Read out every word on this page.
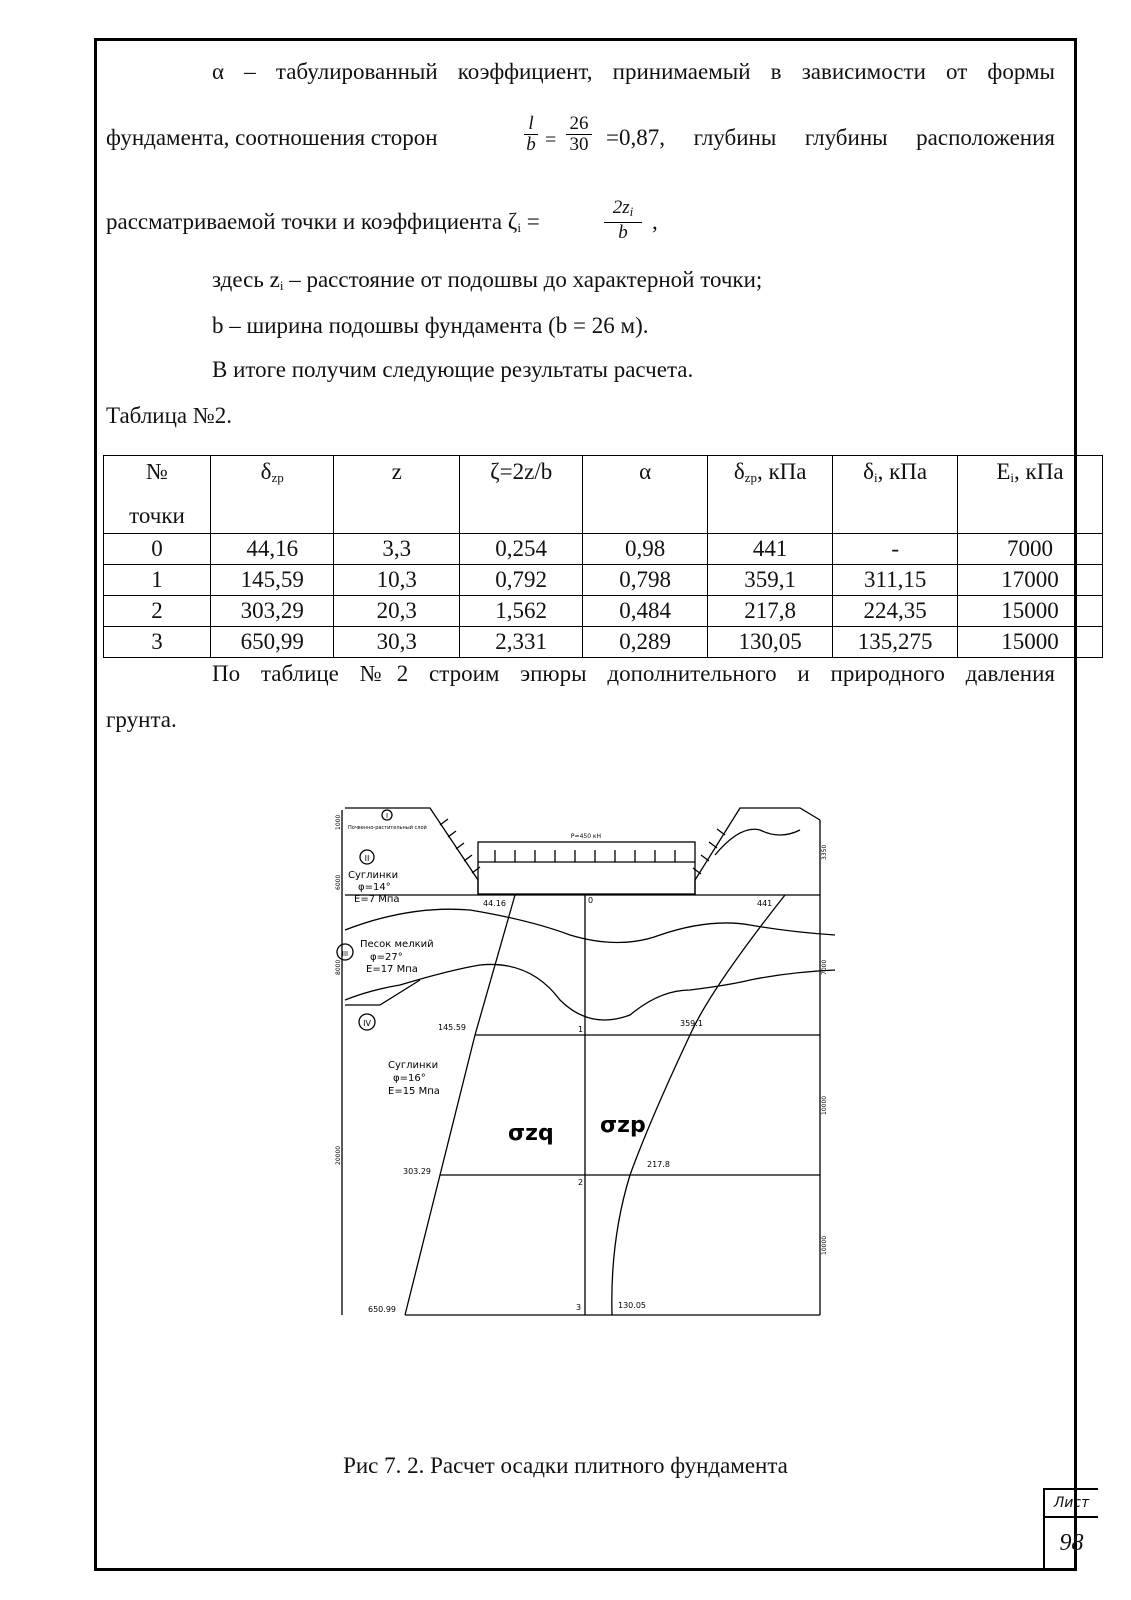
α – табулированный коэффициент, принимаемый в зависимости от формы
фундамента, соотношения сторон	$\frac{l}{b} = \frac{26}{30} =0,87$, глубины глубины расположения
рассматриваемой точки и коэффициента $\zeta_i$ =	$\frac{2z_i}{b}$ ,
здесь $z_i$ – расстояние от подошвы до характерной точки;
b – ширина подошвы фундамента (b = 26 м).
В итоге получим следующие результаты расчета.
Таблица №2.
№
точки	$\delta_{zp}$	z	ζ=2z/b	α	$\delta_{zp}$, кПа	$\delta_i$, кПа	$E_i$, кПа
0	44,16	3,3	0,254	0,98	441	-	7000
1	145,59	10,3	0,792	0,798	359,1	311,15	17000
2	303,29	20,3	1,562	0,484	217,8	224,35	15000
3	650,99	30,3	2,331	0,289	130,05	135,275	15000
По таблице №2 строим эпюры дополнительного и природного давления
грунта.
I
Почвенно-растительный слой
P=450 кН
II
Суглинки
φ=14°
E=7 Мпа
III
Песок мелкий
φ=27°
E=17 Мпа
IV
Суглинки
φ=16°
E=15 Мпа
σzq σzp
44.16
145.59
303.29
650.99
441
359.1
217.8
130.05
0
1
2
3
1000
6000
8000
20000
3350
7000
10000
10000
Рис 7. 2. Расчет осадки плитного фундамента
Лист
98
